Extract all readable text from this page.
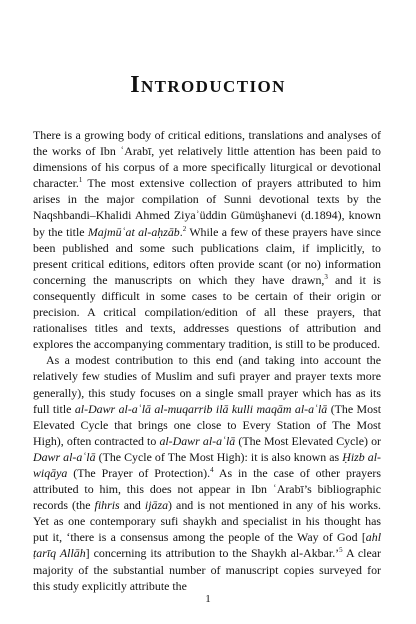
Introduction

There is a growing body of critical editions, translations and analyses of the works of Ibn ʿArabī, yet relatively little attention has been paid to dimensions of his corpus of a more specifically liturgical or devotional character.$^1$ The most extensive collection of prayers attributed to him arises in the major compilation of Sunni devotional texts by the Naqshbandi–Khalidi Ahmed Ziyaʾüddin Gümüşhanevi (d.1894), known by the title Majmūʿat al-aḥzāb.$^2$ While a few of these prayers have since been published and some such publications claim, if implicitly, to present critical editions, editors often provide scant (or no) information concerning the manuscripts on which they have drawn,$^3$ and it is consequently difficult in some cases to be certain of their origin or precision. A critical compilation/edition of all these prayers, that rationalises titles and texts, addresses questions of attribution and explores the accompanying commentary tradition, is still to be produced.

As a modest contribution to this end (and taking into account the relatively few studies of Muslim and sufi prayer and prayer texts more generally), this study focuses on a single small prayer which has as its full title al-Dawr al-aʿlā al-muqarrib ilā kulli maqām al-aʿlā (The Most Elevated Cycle that brings one close to Every Station of The Most High), often contracted to al-Dawr al-aʿlā (The Most Elevated Cycle) or Dawr al-aʿlā (The Cycle of The Most High): it is also known as Ḥizb al-wiqāya (The Prayer of Protection).$^4$ As in the case of other prayers attributed to him, this does not appear in Ibn ʿArabī’s bibliographic records (the fihris and ijāza) and is not mentioned in any of his works. Yet as one contemporary sufi shaykh and specialist in his thought has put it, ‘there is a consensus among the people of the Way of God [ahl ṭarīq Allāh] concerning its attribution to the Shaykh al-Akbar.’$^5$ A clear majority of the substantial number of manuscript copies surveyed for this study explicitly attribute the

1
